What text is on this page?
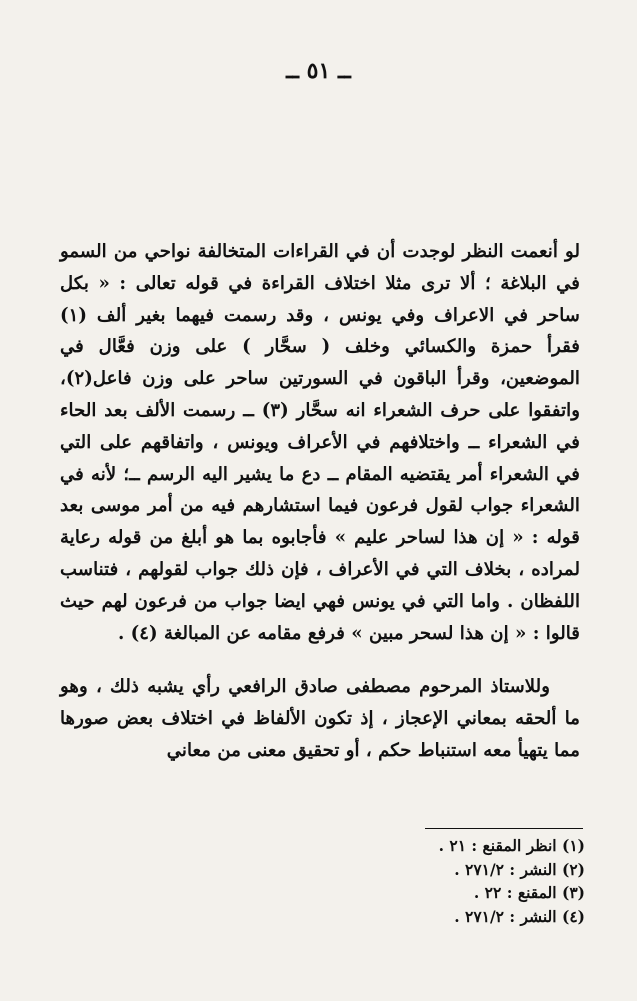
ــ ٥١ ــ

لو أنعمت النظر لوجدت أن في القراءات المتخالفة نواحي من السمو في البلاغة ؛ ألا ترى مثلا اختلاف القراءة في قوله تعالى : « بكل ساحر في الاعراف وفي يونس ، وقد رسمت فيهما بغير ألف (١) فقرأ حمزة والكسائي وخلف ( سحَّار ) على وزن فعَّال في الموضعين، وقرأ الباقون في السورتين ساحر على وزن فاعل(٢)، واتفقوا على حرف الشعراء انه سحَّار (٣) ــ رسمت الألف بعد الحاء في الشعراء ــ واختلافهم في الأعراف ويونس ، واتفاقهم على التي في الشعراء أمر يقتضيه المقام ــ دع ما يشير اليه الرسم ــ؛ لأنه في الشعراء جواب لقول فرعون فيما استشارهم فيه من أمر موسى بعد قوله : « إن هذا لساحر عليم » فأجابوه بما هو أبلغ من قوله رعاية لمراده ، بخلاف التي في الأعراف ، فإن ذلك جواب لقولهم ، فتناسب اللفظان . واما التي في يونس فهي ايضا جواب من فرعون لهم حيث قالوا : « إن هذا لسحر مبين » فرفع مقامه عن المبالغة (٤) .

وللاستاذ المرحوم مصطفى صادق الرافعي رأي يشبه ذلك ، وهو ما ألحقه بمعاني الإعجاز ، إذ تكون الألفاظ في اختلاف بعض صورها مما يتهيأ معه استنباط حكم ، أو تحقيق معنى من معاني

(١) انظر المقنع : ٢١ .
(٢) النشر : ٢٧١/٢ .
(٣) المقنع : ٢٢ .
(٤) النشر : ٢٧١/٢ .
